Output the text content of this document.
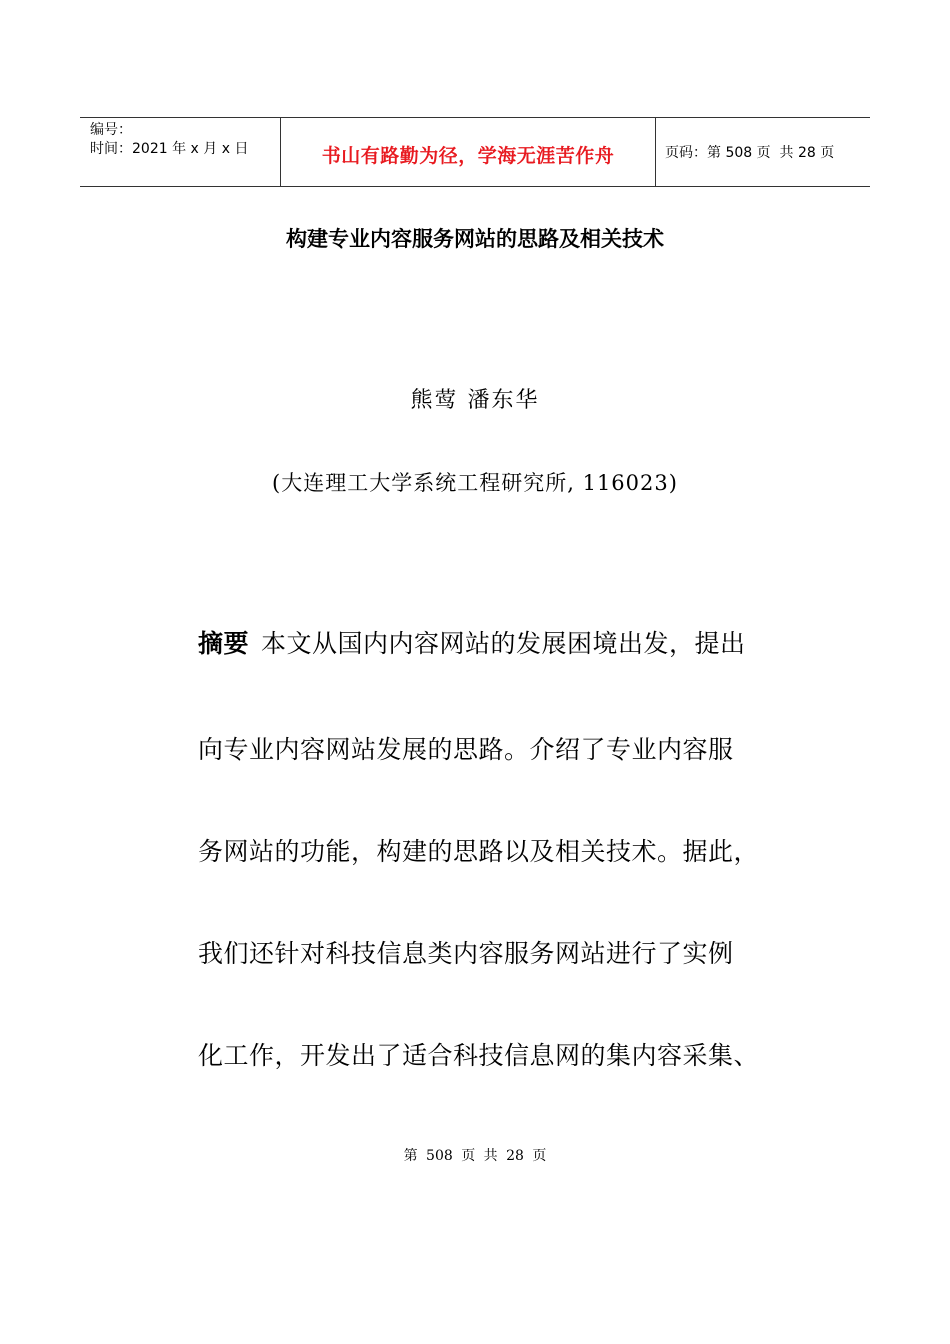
编号：
时间：2021 年 x 月 x 日	书山有路勤为径，学海无涯苦作舟	页码：第 508 页  共 28 页
构建专业内容服务网站的思路及相关技术
熊莺 潘东华
(大连理工大学系统工程研究所, 116023)
摘要 本文从国内内容网站的发展困境出发，提出
向专业内容网站发展的思路。介绍了专业内容服
务网站的功能，构建的思路以及相关技术。据此，
我们还针对科技信息类内容服务网站进行了实例
化工作，开发出了适合科技信息网的集内容采集、
第 508 页 共 28 页
